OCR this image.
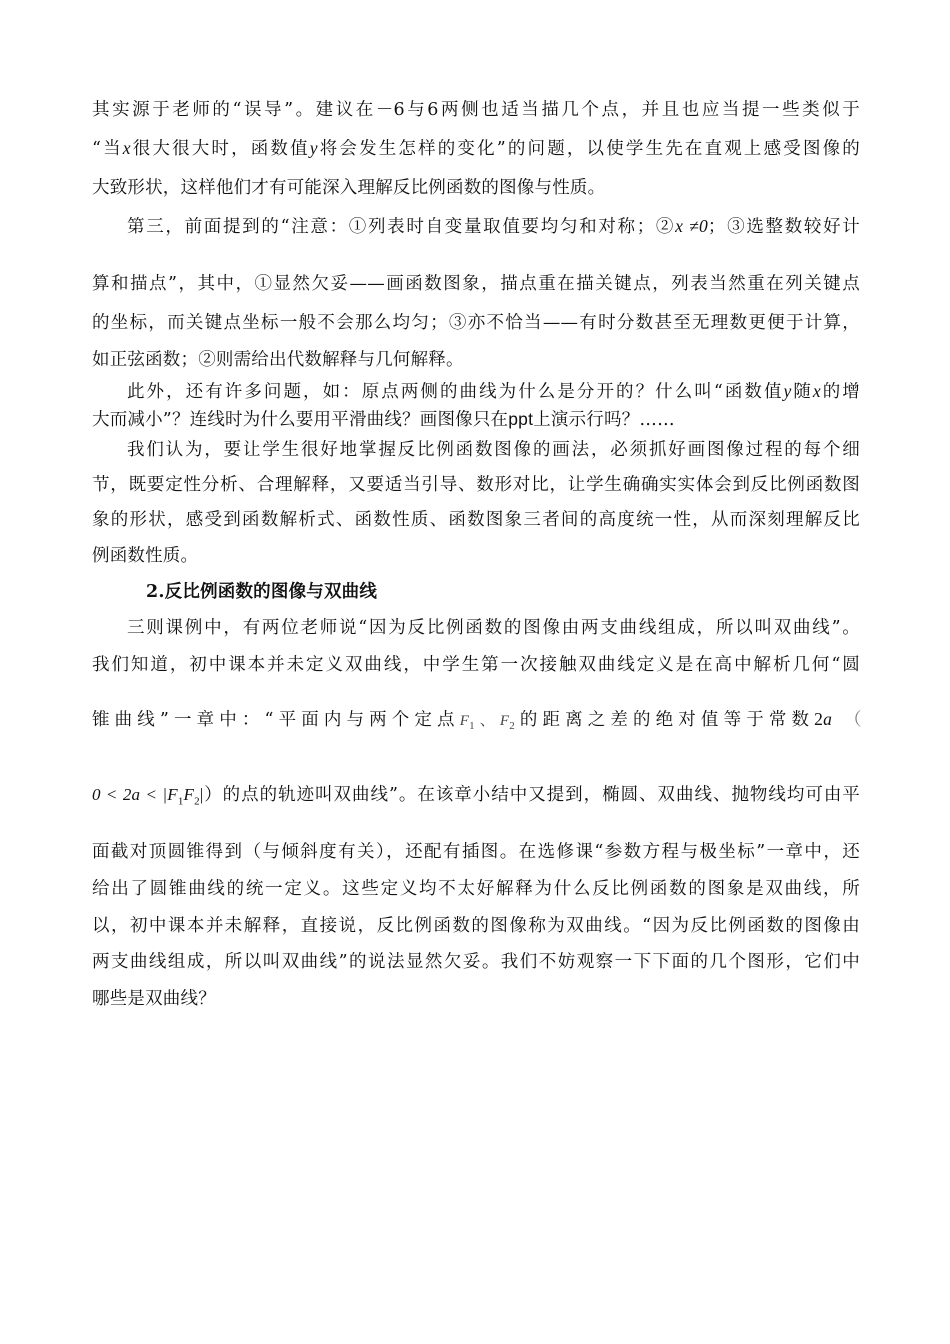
其实源于老师的“误导”。建议在－6与6两侧也适当描几个点，并且也应当提一些类似于
“当x很大很大时，函数值y将会发生怎样的变化”的问题，以使学生先在直观上感受图像的
大致形状，这样他们才有可能深入理解反比例函数的图像与性质。
第三，前面提到的“注意：①列表时自变量取值要均匀和对称；②x ≠0；③选整数较好计
算和描点”，其中，①显然欠妥——画函数图象，描点重在描关键点，列表当然重在列关键点
的坐标，而关键点坐标一般不会那么均匀；③亦不恰当——有时分数甚至无理数更便于计算，
如正弦函数；②则需给出代数解释与几何解释。
此外，还有许多问题，如：原点两侧的曲线为什么是分开的？什么叫“函数值y随x的增
大而减小”？连线时为什么要用平滑曲线？画图像只在ppt上演示行吗？……
我们认为，要让学生很好地掌握反比例函数图像的画法，必须抓好画图像过程的每个细
节，既要定性分析、合理解释，又要适当引导、数形对比，让学生确确实实体会到反比例函数图
象的形状，感受到函数解析式、函数性质、函数图象三者间的高度统一性，从而深刻理解反比
例函数性质。
2.反比例函数的图像与双曲线
三则课例中，有两位老师说“因为反比例函数的图像由两支曲线组成，所以叫双曲线”。
我们知道，初中课本并未定义双曲线，中学生第一次接触双曲线定义是在高中解析几何“圆
锥曲线”一章中：“平面内与两个定点$F_1$、$F_2$的距离之差的绝对值等于常数2a （
$0 < 2a < |F_1F_2|$）的点的轨迹叫双曲线”。在该章小结中又提到，椭圆、双曲线、抛物线均可由平
面截对顶圆锥得到（与倾斜度有关），还配有插图。在选修课“参数方程与极坐标”一章中，还
给出了圆锥曲线的统一定义。这些定义均不太好解释为什么反比例函数的图象是双曲线，所
以，初中课本并未解释，直接说，反比例函数的图像称为双曲线。“因为反比例函数的图像由
两支曲线组成，所以叫双曲线”的说法显然欠妥。我们不妨观察一下下面的几个图形，它们中
哪些是双曲线？
